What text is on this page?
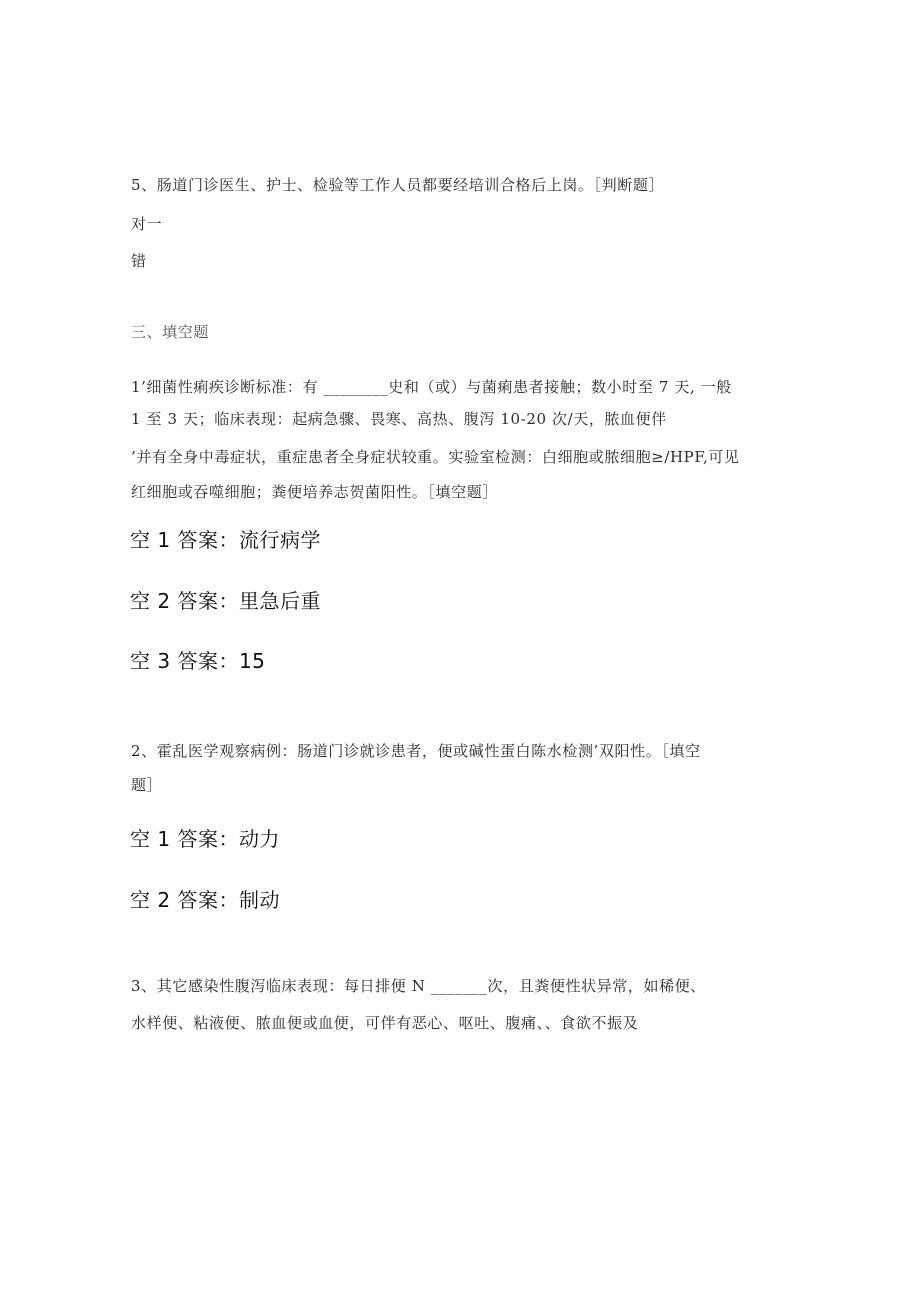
5、肠道门诊医生、护士、检验等工作人员都要经培训合格后上岗。［判断题］
对一
错
三、填空题
1’细菌性痢疾诊断标准：有 ________史和（或）与菌痢患者接触；数小时至 7 天, 一般
1 至 3 天；临床表现：起病急骤、畏寒、高热、腹泻 10-20 次/天，脓血便伴
’并有全身中毒症状，重症患者全身症状较重。实验室检测：白细胞或脓细胞≥/HPF,可见
红细胞或吞噬细胞；粪便培养志贺菌阳性。［填空题］
空 1 答案：流行病学
空 2 答案：里急后重
空 3 答案：15
2、霍乱医学观察病例：肠道门诊就诊患者，便或碱性蛋白陈水检测’双阳性。［填空
题］
空 1 答案：动力
空 2 答案：制动
3、其它感染性腹泻临床表现：每日排便 N _______次，且粪便性状异常，如稀便、
水样便、粘液便、脓血便或血便，可伴有恶心、呕吐、腹痛、、食欲不振及
